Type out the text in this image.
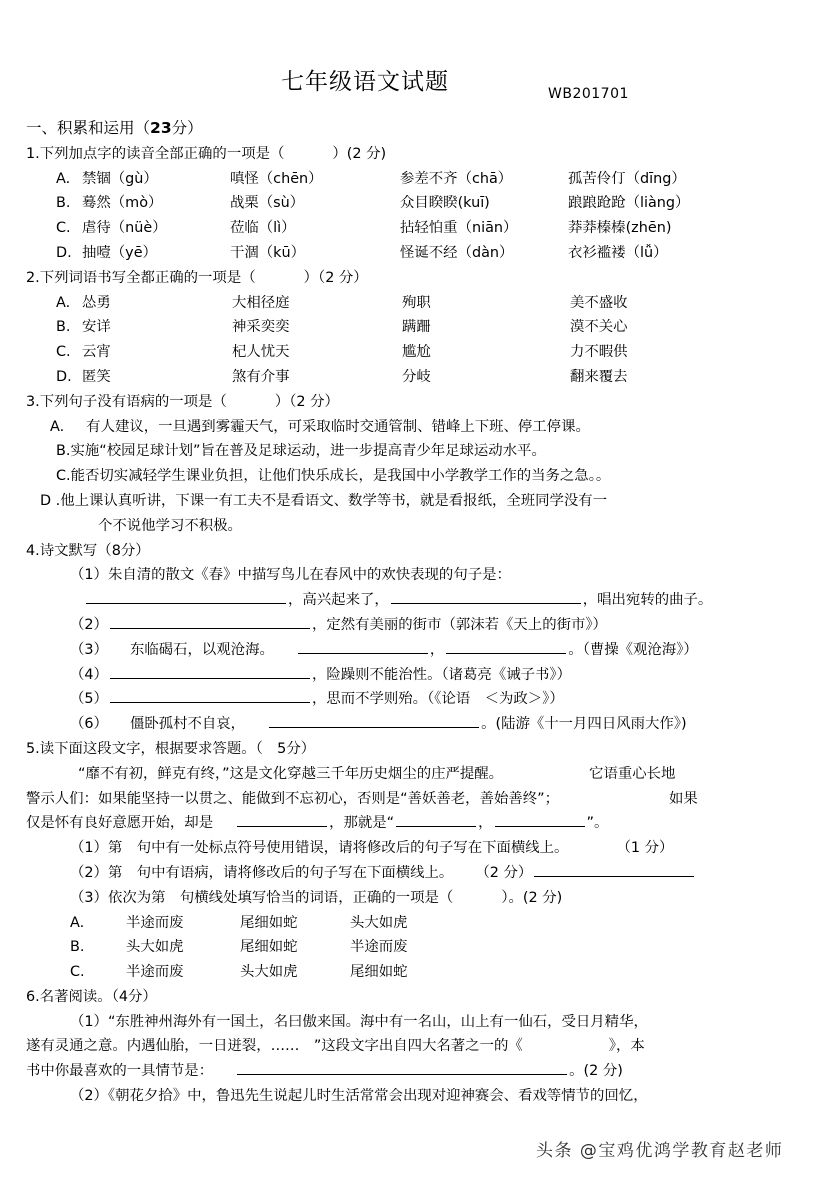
七年级语文试题	WB201701
一、积累和运用（23分）
1.下列加点字的读音全部正确的一项是（	）(2 分)
A. 禁锢（gù）	嗔怪（chēn）	参差不齐（chā）	孤苦伶仃（dīng）
B. 蓦然（mò）	战栗（sù）	众目睽睽(kuī)	踉踉跄跄（liàng）
C. 虐待（nüè）	莅临（lì）	拈轻怕重（niān）	莽莽榛榛(zhēn)
D. 抽噎（yē）	干涸（kū）	怪诞不经（dàn）	衣衫褴褛（lǚ）
2.下列词语书写全都正确的一项是（	）（2 分）
A. 怂勇	大相径庭	殉职	美不盛收
B. 安详	神采奕奕	蹒跚	漠不关心
C. 云宵	杞人忧天	尴尬	力不暇供
D. 匿笑	煞有介事	分岐	翻来覆去
3.下列句子没有语病的一项是（	）（2 分）
A. 有人建议，一旦遇到雾霾天气，可采取临时交通管制、错峰上下班、停工停课。
B.实施“校园足球计划”旨在普及足球运动，进一步提高青少年足球运动水平。
C.能否切实减轻学生课业负担，让他们快乐成长，是我国中小学教学工作的当务之急。。
D .他上课认真听讲，下课一有工夫不是看语文、数学等书，就是看报纸，全班同学没有一
个不说他学习不积极。
4.诗文默写（8分）
（1）朱自清的散文《春》中描写鸟儿在春风中的欢快表现的句子是：
，高兴起来了，	，唱出宛转的曲子。
（2）	，定然有美丽的街市（郭沫若《天上的街市》）
（3） 东临碣石，以观沧海。	，	。（曹操《观沧海》）
（4）	，险躁则不能治性。（诸葛亮《诫子书》）
（5）	，思而不学则殆。（《论语　＜为政＞》）
（6） 僵卧孤村不自哀，	。(陆游《十一月四日风雨大作》)
5.读下面这段文字，根据要求答题。（　5分）
“靡不有初，鲜克有终，”这是文化穿越三千年历史烟尘的庄严提醒。	它语重心长地
警示人们：如果能坚持一以贯之、能做到不忘初心，否则是“善妖善老，善始善终”；	如果
仅是怀有良好意愿开始，却是	，那就是“	，	”。
（1）第　句中有一处标点符号使用错误，请将修改后的句子写在下面横线上。	（1 分）
（2）第　句中有语病，请将修改后的句子写在下面横线上。 （2 分）
（3）依次为第　句横线处填写恰当的词语，正确的一项是（	）。(2 分)
A.	半途而废	尾细如蛇	头大如虎
B.	头大如虎	尾细如蛇	半途而废
C.	半途而废	头大如虎	尾细如蛇
6.名著阅读。（4分）
（1）“东胜神州海外有一国土，名曰傲来国。海中有一名山，山上有一仙石，受日月精华，
遂有灵通之意。内遇仙胎，一日迸裂，……　”这段文字出自四大名著之一的《	》，本
书中你最喜欢的一具情节是：	。(2 分)
（2）《朝花夕拾》中，鲁迅先生说起儿时生活常常会出现对迎神赛会、看戏等情节的回忆，
头条 @宝鸡优鸿学教育赵老师
